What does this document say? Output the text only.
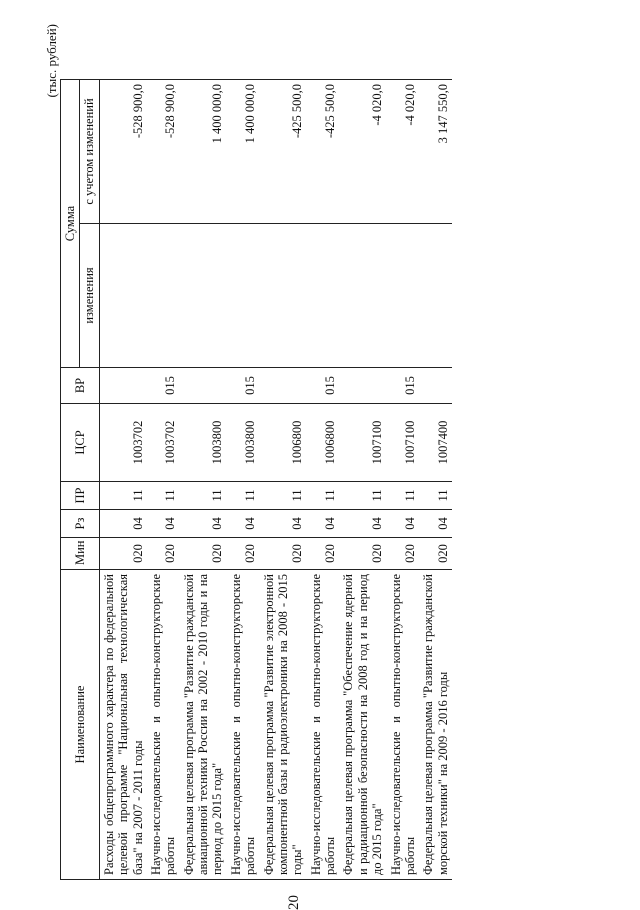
20
(тыс. рублей)
Наименование	Мин	Рз	ПР	ЦСР	ВР	Сумма	
						изменения	с учетом изменений
Расходы общепрограммного характера по федеральной целевой программе "Национальная технологическая база" на 2007 - 2011 годы	020	04	11	1003702			-528 900,0
Научно-исследовательские и опытно-конструкторские работы	020	04	11	1003702	015		-528 900,0
Федеральная целевая программа "Развитие гражданской авиационной техники России на 2002 - 2010 годы и на период до 2015 года"	020	04	11	1003800			1 400 000,0
Научно-исследовательские и опытно-конструкторские работы	020	04	11	1003800	015		1 400 000,0
Федеральная целевая программа "Развитие электронной компонентной базы и радиоэлектроники на 2008 - 2015 годы"	020	04	11	1006800			-425 500,0
Научно-исследовательские и опытно-конструкторские работы	020	04	11	1006800	015		-425 500,0
Федеральная целевая программа "Обеспечение ядерной и радиационной безопасности на 2008 год и на период до 2015 года"	020	04	11	1007100			-4 020,0
Научно-исследовательские и опытно-конструкторские работы	020	04	11	1007100	015		-4 020,0
Федеральная целевая программа "Развитие гражданской морской техники" на 2009 - 2016 годы	020	04	11	1007400			3 147 550,0
